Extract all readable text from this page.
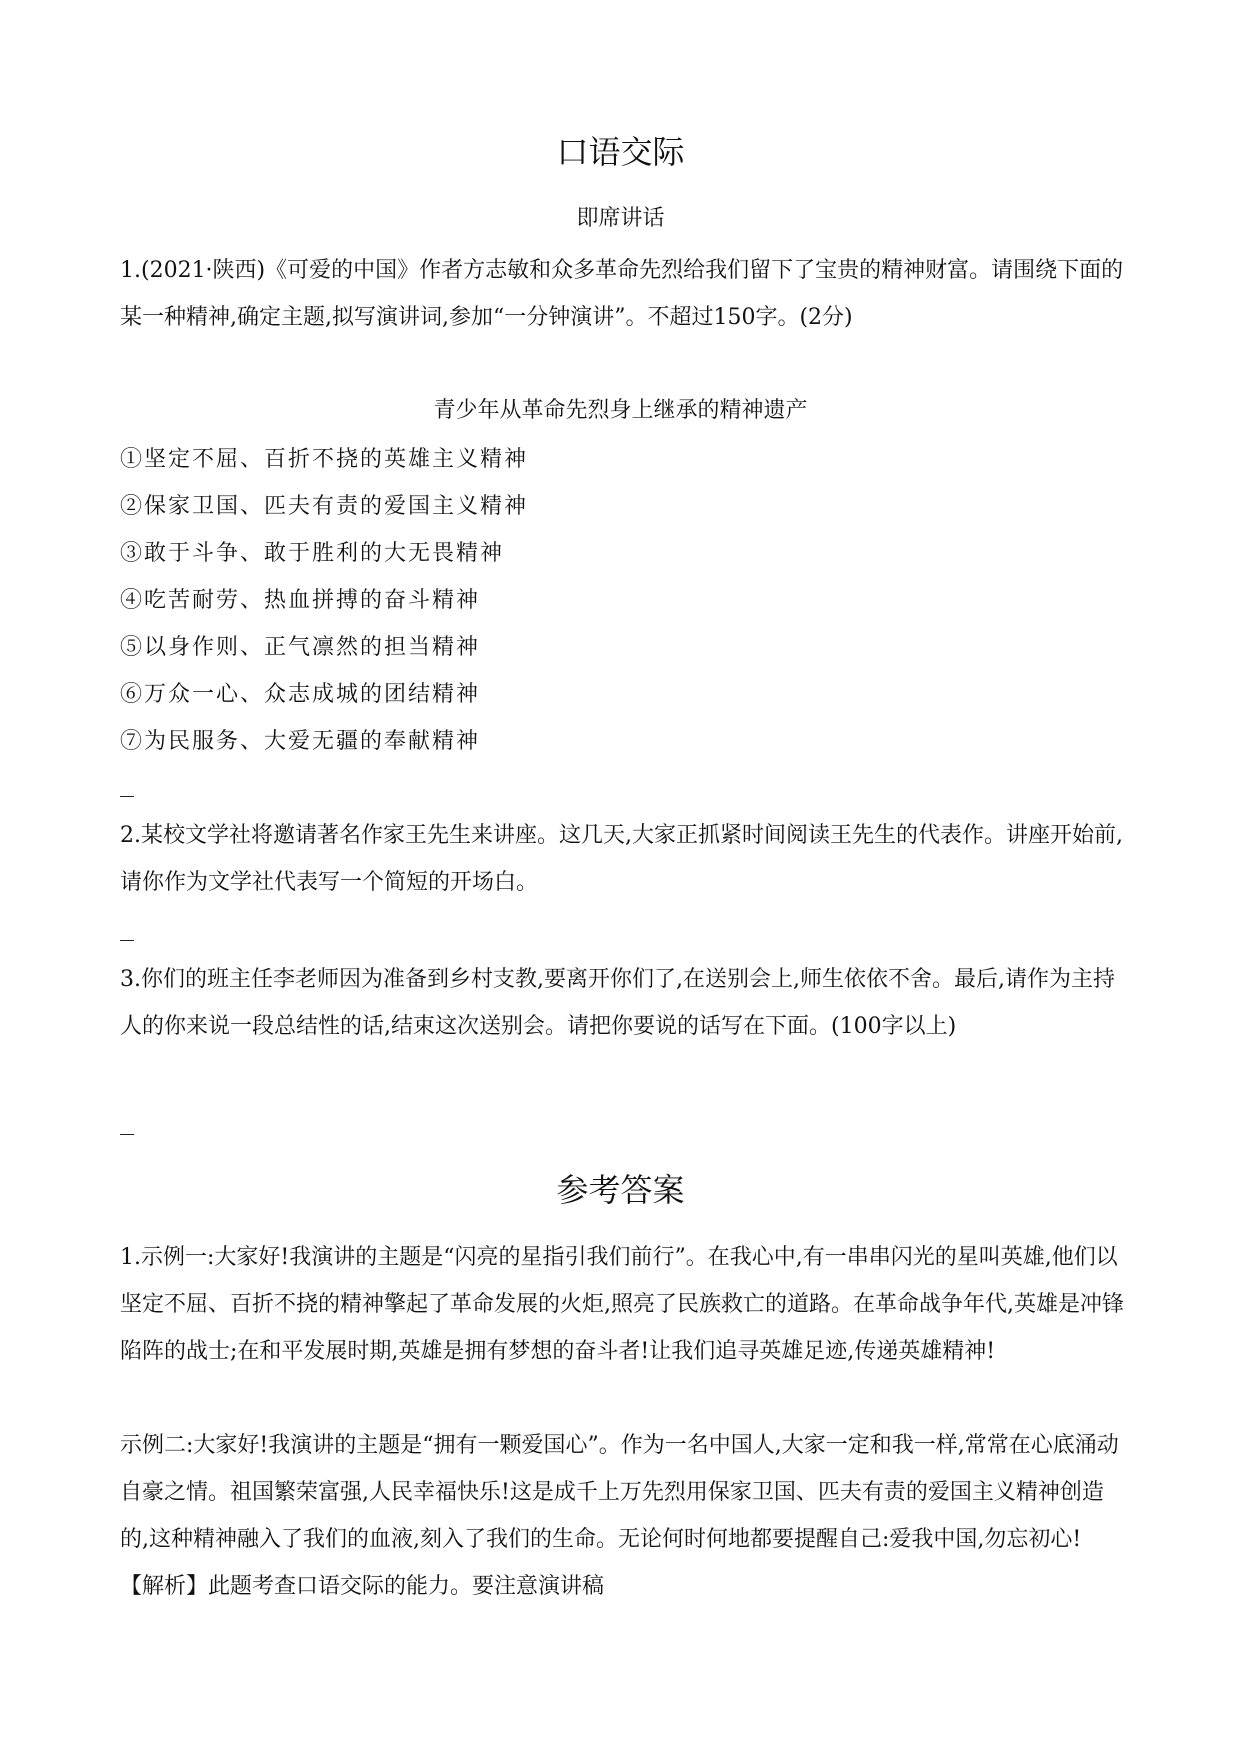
口语交际
即席讲话
1.(2021·陕西)《可爱的中国》作者方志敏和众多革命先烈给我们留下了宝贵的精神财富。请围绕下面的某一种精神,确定主题,拟写演讲词,参加“一分钟演讲”。不超过150字。(2分)
青少年从革命先烈身上继承的精神遗产
①坚定不屈、百折不挠的英雄主义精神
②保家卫国、匹夫有责的爱国主义精神
③敢于斗争、敢于胜利的大无畏精神
④吃苦耐劳、热血拼搏的奋斗精神
⑤以身作则、正气凛然的担当精神
⑥万众一心、众志成城的团结精神
⑦为民服务、大爱无疆的奉献精神
2.某校文学社将邀请著名作家王先生来讲座。这几天,大家正抓紧时间阅读王先生的代表作。讲座开始前,请你作为文学社代表写一个简短的开场白。
3.你们的班主任李老师因为准备到乡村支教,要离开你们了,在送别会上,师生依依不舍。最后,请作为主持人的你来说一段总结性的话,结束这次送别会。请把你要说的话写在下面。(100字以上)
参考答案
1.示例一:大家好!我演讲的主题是“闪亮的星指引我们前行”。在我心中,有一串串闪光的星叫英雄,他们以坚定不屈、百折不挠的精神擎起了革命发展的火炬,照亮了民族救亡的道路。在革命战争年代,英雄是冲锋陷阵的战士;在和平发展时期,英雄是拥有梦想的奋斗者!让我们追寻英雄足迹,传递英雄精神!
示例二:大家好!我演讲的主题是“拥有一颗爱国心”。作为一名中国人,大家一定和我一样,常常在心底涌动自豪之情。祖国繁荣富强,人民幸福快乐!这是成千上万先烈用保家卫国、匹夫有责的爱国主义精神创造的,这种精神融入了我们的血液,刻入了我们的生命。无论何时何地都要提醒自己:爱我中国,勿忘初心!　【解析】此题考查口语交际的能力。要注意演讲稿
